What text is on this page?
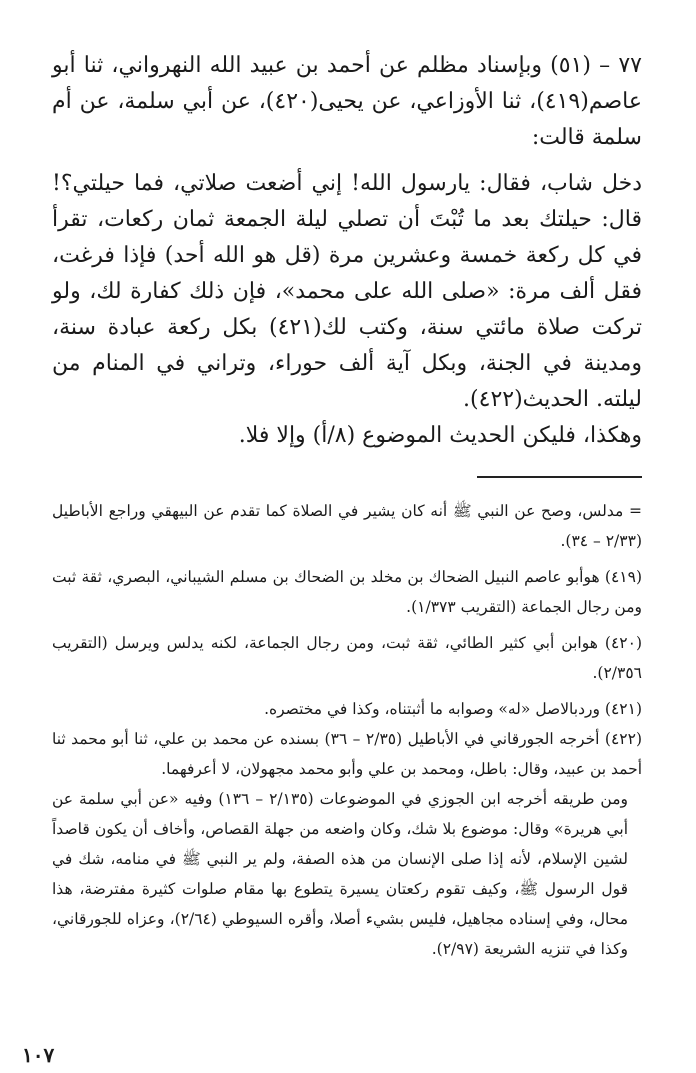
٧٧ – (٥١) وبإسناد مظلم عن أحمد بن عبيد الله النهرواني، ثنا أبو عاصم(٤١٩)، ثنا الأوزاعي، عن يحيى(٤٢٠)، عن أبي سلمة، عن أم سلمة قالت:

دخل شاب، فقال: يارسول الله! إني أضعت صلاتي، فما حيلتي؟! قال: حيلتك بعد ما تُبْتَ أن تصلي ليلة الجمعة ثمان ركعات، تقرأ في كل ركعة خمسة وعشرين مرة (قل هو الله أحد) فإذا فرغت، فقل ألف مرة: «صلى الله على محمد»، فإن ذلك كفارة لك، ولو تركت صلاة مائتي سنة، وكتب لك(٤٢١) بكل ركعة عبادة سنة، ومدينة في الجنة، وبكل آية ألف حوراء، وتراني في المنام من ليلته. الحديث(٤٢٢).

وهكذا، فليكن الحديث الموضوع (٨/أ) وإلا فلا.

= مدلس، وصح عن النبي ﷺ أنه كان يشير في الصلاة كما تقدم عن البيهقي وراجع الأباطيل (٢/٣٣ – ٣٤).

(٤١٩) هوأبو عاصم النبيل الضحاك بن مخلد بن الضحاك بن مسلم الشيباني، البصري، ثقة ثبت ومن رجال الجماعة (التقريب ١/٣٧٣).

(٤٢٠) هوابن أبي كثير الطائي، ثقة ثبت، ومن رجال الجماعة، لكنه يدلس ويرسل (التقريب ٢/٣٥٦).

(٤٢١) وردبالاصل «له» وصوابه ما أثبتناه، وكذا في مختصره.

(٤٢٢) أخرجه الجورقاني في الأباطيل (٢/٣٥ – ٣٦) بسنده عن محمد بن علي، ثنا أبو محمد ثنا أحمد بن عبيد، وقال: باطل، ومحمد بن علي وأبو محمد مجهولان، لا أعرفهما.

ومن طريقه أخرجه ابن الجوزي في الموضوعات (٢/١٣٥ – ١٣٦) وفيه «عن أبي سلمة عن أبي هريرة» وقال: موضوع بلا شك، وكان واضعه من جهلة القصاص، وأخاف أن يكون قاصداً لشين الإسلام، لأنه إذا صلى الإنسان من هذه الصفة، ولم ير النبي ﷺ في منامه، شك في قول الرسول ﷺ، وكيف تقوم ركعتان يسيرة يتطوع بها مقام صلوات كثيرة مفترضة، هذا محال، وفي إسناده مجاهيل، فليس بشيء أصلا، وأقره السيوطي (٢/٦٤)، وعزاه للجورقاني، وكذا في تنزيه الشريعة (٢/٩٧).

١٠٧
